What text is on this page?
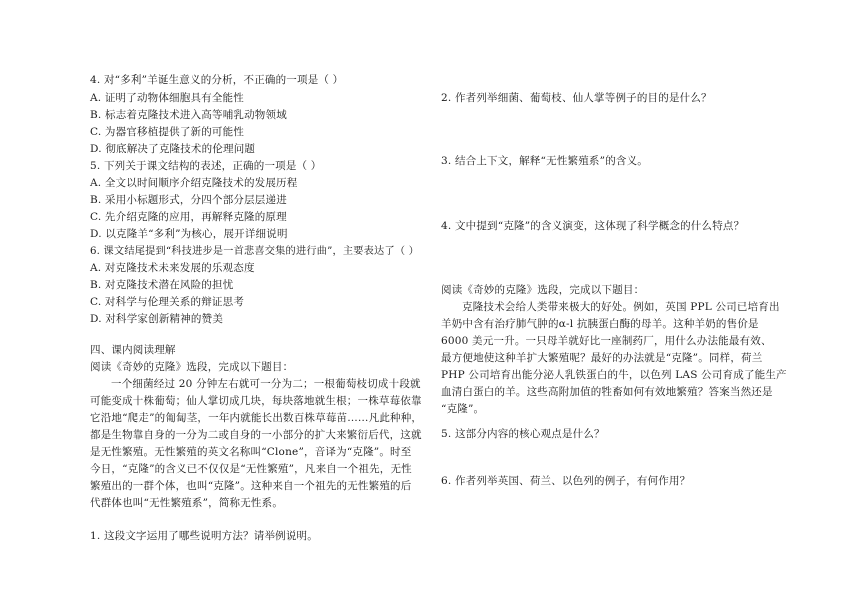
4. 对“多利”羊诞生意义的分析，不正确的一项是（ ）
A. 证明了动物体细胞具有全能性
B. 标志着克隆技术进入高等哺乳动物领域
C. 为器官移植提供了新的可能性
D. 彻底解决了克隆技术的伦理问题
5. 下列关于课文结构的表述，正确的一项是（ ）
A. 全文以时间顺序介绍克隆技术的发展历程
B. 采用小标题形式，分四个部分层层递进
C. 先介绍克隆的应用，再解释克隆的原理
D. 以克隆羊“多利”为核心，展开详细说明
6. 课文结尾提到“科技进步是一首悲喜交集的进行曲”，主要表达了（ ）
A. 对克隆技术未来发展的乐观态度
B. 对克隆技术潜在风险的担忧
C. 对科学与伦理关系的辩证思考
D. 对科学家创新精神的赞美
四、课内阅读理解
阅读《奇妙的克隆》选段，完成以下题目：
一个细菌经过 20 分钟左右就可一分为二；一根葡萄枝切成十段就
可能变成十株葡萄；仙人掌切成几块，每块落地就生根；一株草莓依靠
它沿地“爬走”的匍匐茎，一年内就能长出数百株草莓苗……凡此种种，
都是生物靠自身的一分为二或自身的一小部分的扩大来繁衍后代，这就
是无性繁殖。无性繁殖的英文名称叫“Clone”，音译为“克隆”。时至
今日，“克隆”的含义已不仅仅是“无性繁殖”，凡来自一个祖先，无性
繁殖出的一群个体，也叫“克隆”。这种来自一个祖先的无性繁殖的后
代群体也叫“无性繁殖系”，简称无性系。
1. 这段文字运用了哪些说明方法？请举例说明。
2. 作者列举细菌、葡萄枝、仙人掌等例子的目的是什么？
3. 结合上下文，解释“无性繁殖系”的含义。
4. 文中提到“克隆”的含义演变，这体现了科学概念的什么特点？
阅读《奇妙的克隆》选段，完成以下题目：
克隆技术会给人类带来极大的好处。例如，英国 PPL 公司已培育出
羊奶中含有治疗肺气肿的α-l 抗胰蛋白酶的母羊。这种羊奶的售价是
6000 美元一升。一只母羊就好比一座制药厂，用什么办法能最有效、
最方便地使这种羊扩大繁殖呢？最好的办法就是“克隆”。同样，荷兰
PHP 公司培育出能分泌人乳铁蛋白的牛，以色列 LAS 公司育成了能生产
血清白蛋白的羊。这些高附加值的牲畜如何有效地繁殖？答案当然还是
“克隆”。
5. 这部分内容的核心观点是什么？
6. 作者列举英国、荷兰、以色列的例子，有何作用？
